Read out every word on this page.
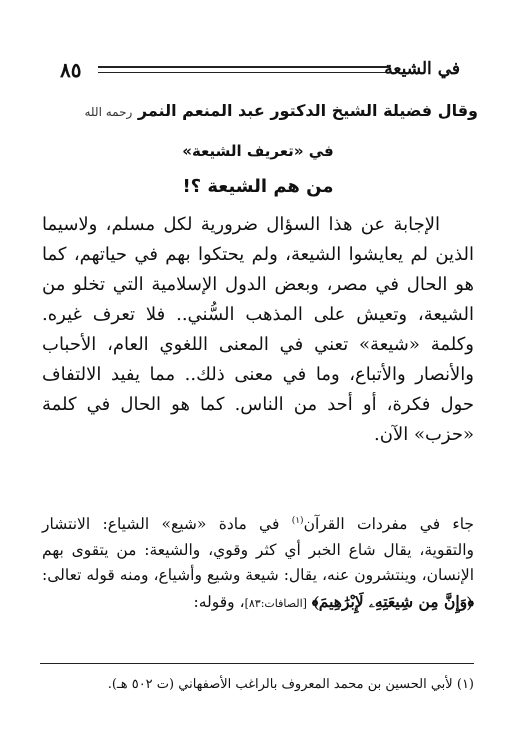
٨٥	في الشيعة
وقال فضيلة الشيخ الدكتور عبد المنعم النمر رحمه الله
في «تعريف الشيعة»
من هم الشيعة ؟!

الإجابة عن هذا السؤال ضرورية لكل مسلم، ولاسيما الذين لم يعايشوا الشيعة، ولم يحتكوا بهم في حياتهم، كما هو الحال في مصر، وبعض الدول الإسلامية التي تخلو من الشيعة، وتعيش على المذهب السُّني.. فلا تعرف غيره. وكلمة «شيعة» تعني في المعنى اللغوي العام، الأحباب والأنصار والأتباع، وما في معنى ذلك.. مما يفيد الالتفاف حول فكرة، أو أحد من الناس. كما هو الحال في كلمة «حزب» الآن.

جاء في مفردات القرآن$^{(١)}$ في مادة «شيع» الشياع: الانتشار والتقوية، يقال شاع الخبر أي كثر وقوي، والشيعة: من يتقوى بهم الإنسان، وينتشرون عنه، يقال: شيعة وشيع وأشياع، ومنه قوله تعالى: ﴿وَإِنَّ مِن شِيعَتِهِۦ لَإِبْرَٰهِيمَ﴾ [الصافات:٨٣]، وقوله:

(١) لأبي الحسين بن محمد المعروف بالراغب الأصفهاني (ت ٥٠٢ هـ).
